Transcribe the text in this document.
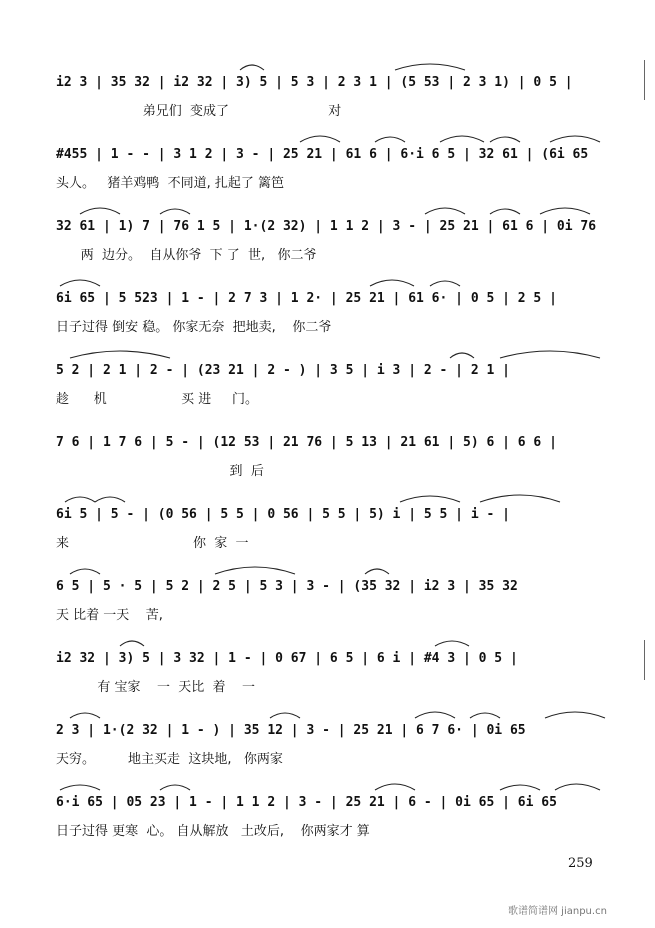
i2 3 | 35 32 | i2 32 | 3) 5 | 5 3 | 2 3 1 | (5 53 | 2 3 1) | 0 5 |
弟兄们  变成了                        对
#455 | 1 - - | 3 1 2 | 3 - | 25 21 | 61 6 | 6·i 6 5 | 32 61 | (6i 65
头人。   猪羊鸡鸭  不同道, 扎起了 篱笆
32 61 | 1) 7 | 76 1 5 | 1·(2 32) | 1 1 2 | 3 - | 25 21 | 61 6 | 0i 76
两  边分。  自从你爷  下 了  世,   你二爷
6i 65 | 5 523 | 1 - | 2 7 3 | 1 2· | 25 21 | 61 6· | 0 5 | 2 5 |
日子过得 倒安 稳。 你家无奈  把地卖,    你二爷
5 2 | 2 1 | 2 - | (23 21 | 2 - ) | 3 5 | i 3 | 2 - | 2 1 |
趁      机                  买 进     门。
7 6 | 1 7 6 | 5 - | (12 53 | 21 76 | 5 13 | 21 61 | 5) 6 | 6 6 |
到  后
6i 5 | 5 - | (0 56 | 5 5 | 0 56 | 5 5 | 5) i | 5 5 | i - |
来                              你  家  一
6 5 | 5 · 5 | 5 2 | 2 5 | 5 3 | 3 - | (35 32 | i2 3 | 35 32
天 比着 一天    苦,
i2 32 | 3) 5 | 3 32 | 1 - | 0 67 | 6 5 | 6 i | #4 3 | 0 5 |
有 宝家    一  天比  着    一
2 3 | 1·(2 32 | 1 - ) | 35 12 | 3 - | 25 21 | 6 7 6· | 0i 65
天穷。        地主买走  这块地,   你两家
6·i 65 | 05 23 | 1 - | 1 1 2 | 3 - | 25 21 | 6 - | 0i 65 | 6i 65
日子过得 更寒  心。 自从解放   土改后,    你两家才 算
259
歌谱简谱网 jianpu.cn
